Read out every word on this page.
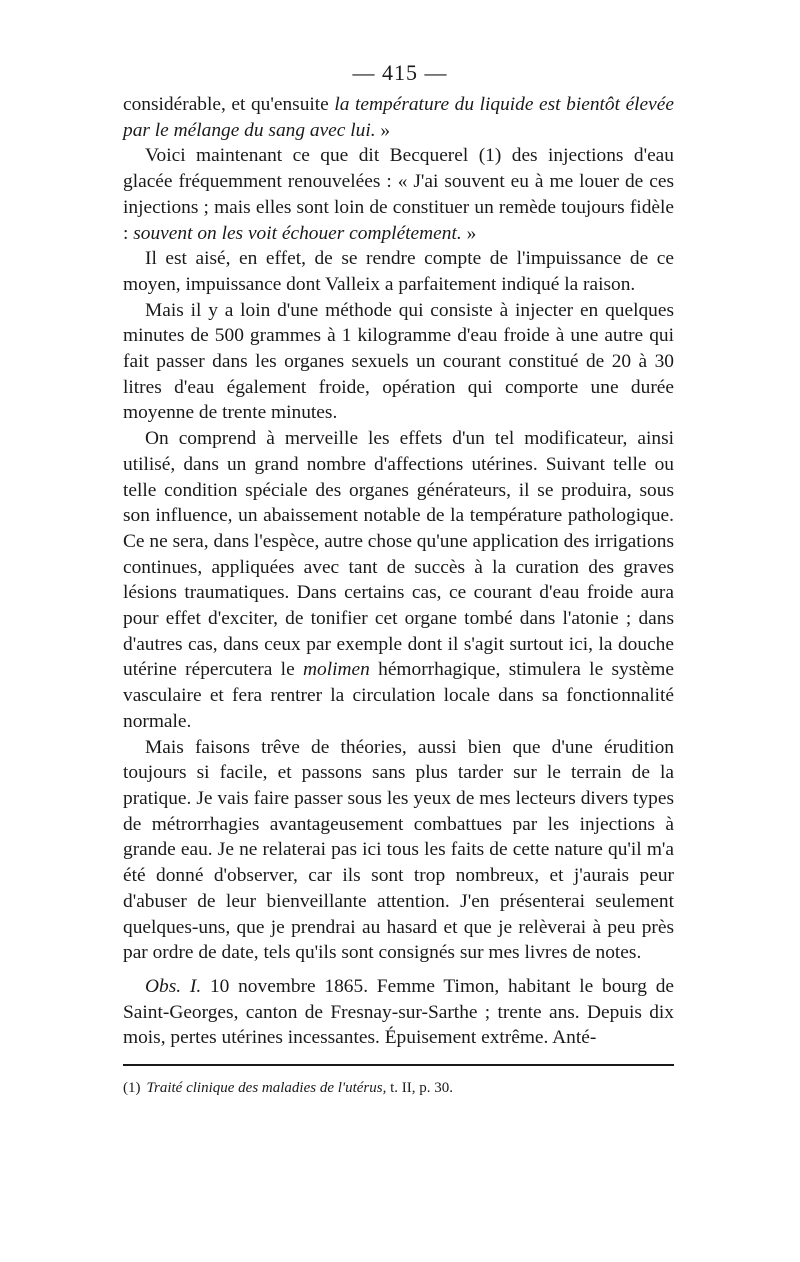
— 415 —

considérable, et qu'ensuite la température du liquide est bientôt élevée par le mélange du sang avec lui. »

Voici maintenant ce que dit Becquerel (1) des injections d'eau glacée fréquemment renouvelées : « J'ai souvent eu à me louer de ces injections ; mais elles sont loin de constituer un remède toujours fidèle : souvent on les voit échouer complétement. »

Il est aisé, en effet, de se rendre compte de l'impuissance de ce moyen, impuissance dont Valleix a parfaitement indiqué la raison.

Mais il y a loin d'une méthode qui consiste à injecter en quelques minutes de 500 grammes à 1 kilogramme d'eau froide à une autre qui fait passer dans les organes sexuels un courant constitué de 20 à 30 litres d'eau également froide, opération qui comporte une durée moyenne de trente minutes.

On comprend à merveille les effets d'un tel modificateur, ainsi utilisé, dans un grand nombre d'affections utérines. Suivant telle ou telle condition spéciale des organes générateurs, il se produira, sous son influence, un abaissement notable de la température pathologique. Ce ne sera, dans l'espèce, autre chose qu'une application des irrigations continues, appliquées avec tant de succès à la curation des graves lésions traumatiques. Dans certains cas, ce courant d'eau froide aura pour effet d'exciter, de tonifier cet organe tombé dans l'atonie ; dans d'autres cas, dans ceux par exemple dont il s'agit surtout ici, la douche utérine répercutera le molimen hémorrhagique, stimulera le système vasculaire et fera rentrer la circulation locale dans sa fonctionnalité normale.

Mais faisons trêve de théories, aussi bien que d'une érudition toujours si facile, et passons sans plus tarder sur le terrain de la pratique. Je vais faire passer sous les yeux de mes lecteurs divers types de métrorrhagies avantageusement combattues par les injections à grande eau. Je ne relaterai pas ici tous les faits de cette nature qu'il m'a été donné d'observer, car ils sont trop nombreux, et j'aurais peur d'abuser de leur bienveillante attention. J'en présenterai seulement quelques-uns, que je prendrai au hasard et que je relèverai à peu près par ordre de date, tels qu'ils sont consignés sur mes livres de notes.

Obs. I. 10 novembre 1865. Femme Timon, habitant le bourg de Saint-Georges, canton de Fresnay-sur-Sarthe ; trente ans. Depuis dix mois, pertes utérines incessantes. Épuisement extrême. Anté-

(1) Traité clinique des maladies de l'utérus, t. II, p. 30.
